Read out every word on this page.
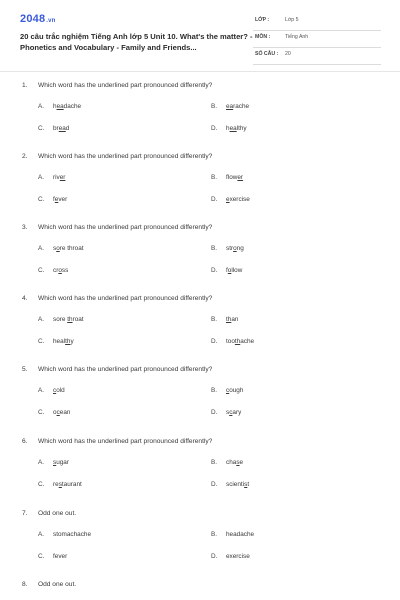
2048.vn
20 câu trắc nghiệm Tiếng Anh lớp 5 Unit 10. What's the matter? - Phonetics and Vocabulary - Family and Friends...
LỚP :	Lớp 5
MÔN :	Tiếng Anh
SỐ CÂU : 20
1. Which word has the underlined part pronounced differently?
A. headache	B. earache
C. bread	D. healthy
2. Which word has the underlined part pronounced differently?
A. river	B. flower
C. fever	D. exercise
3. Which word has the underlined part pronounced differently?
A. sore throat	B. strong
C. cross	D. follow
4. Which word has the underlined part pronounced differently?
A. sore throat	B. than
C. healthy	D. toothache
5. Which word has the underlined part pronounced differently?
A. cold	B. cough
C. ocean	D. scary
6. Which word has the underlined part pronounced differently?
A. sugar	B. chase
C. restaurant	D. scientist
7. Odd one out.
A. stomachache	B. headache
C. fever	D. exercise
8. Odd one out.
